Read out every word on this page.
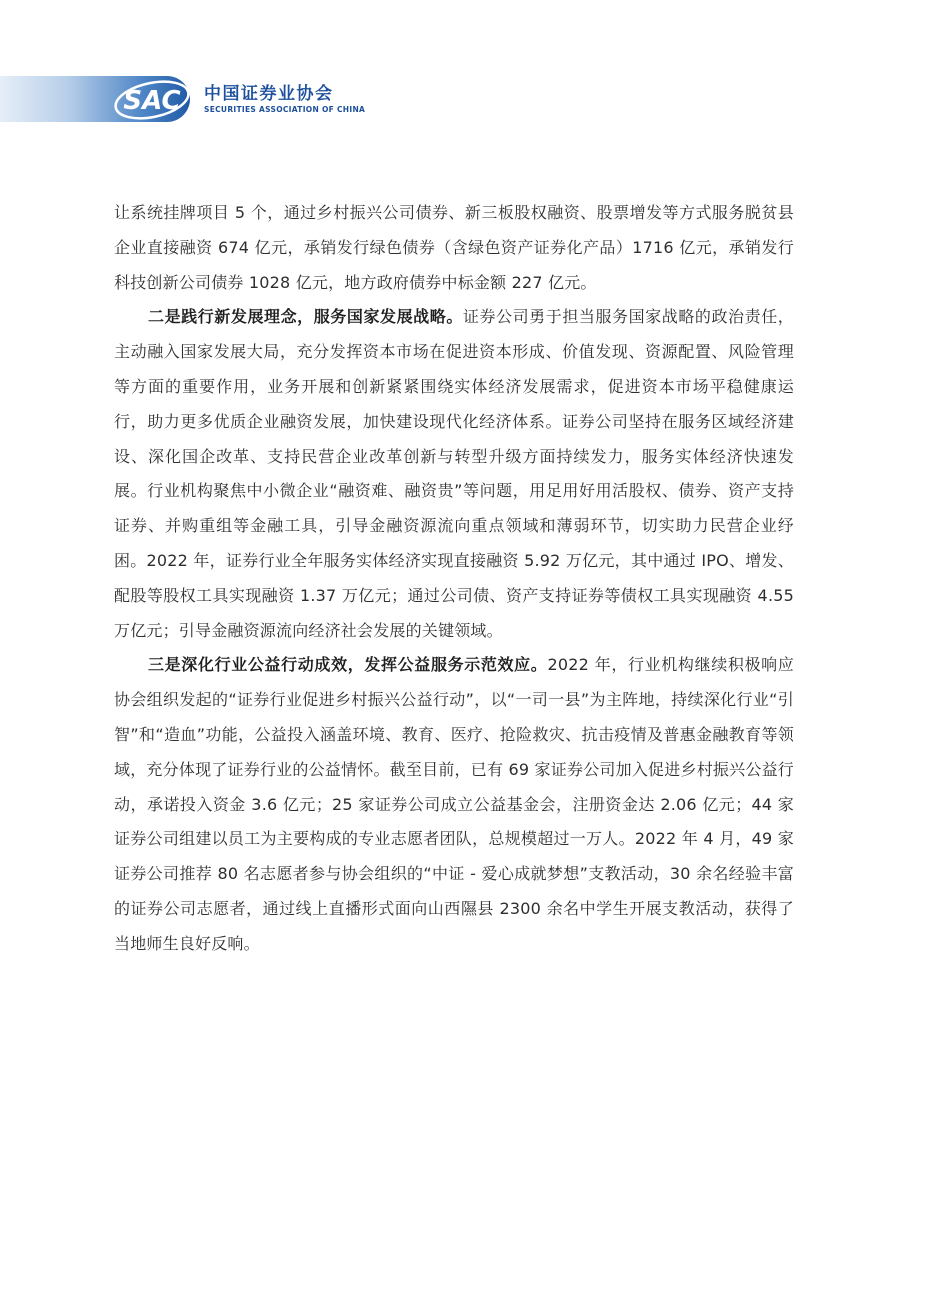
SAC 中国证券业协会
SECURITIES ASSOCIATION OF CHINA

让系统挂牌项目 5 个，通过乡村振兴公司债券、新三板股权融资、股票增发等方式服务脱贫县企业直接融资 674 亿元，承销发行绿色债券（含绿色资产证券化产品）1716 亿元，承销发行科技创新公司债券 1028 亿元，地方政府债券中标金额 227 亿元。

二是践行新发展理念，服务国家发展战略。证券公司勇于担当服务国家战略的政治责任，主动融入国家发展大局，充分发挥资本市场在促进资本形成、价值发现、资源配置、风险管理等方面的重要作用，业务开展和创新紧紧围绕实体经济发展需求，促进资本市场平稳健康运行，助力更多优质企业融资发展，加快建设现代化经济体系。证券公司坚持在服务区域经济建设、深化国企改革、支持民营企业改革创新与转型升级方面持续发力，服务实体经济快速发展。行业机构聚焦中小微企业“融资难、融资贵”等问题，用足用好用活股权、债券、资产支持证券、并购重组等金融工具，引导金融资源流向重点领域和薄弱环节，切实助力民营企业纾困。2022 年，证券行业全年服务实体经济实现直接融资 5.92 万亿元，其中通过 IPO、增发、配股等股权工具实现融资 1.37 万亿元；通过公司债、资产支持证券等债权工具实现融资 4.55 万亿元；引导金融资源流向经济社会发展的关键领域。

三是深化行业公益行动成效，发挥公益服务示范效应。2022 年，行业机构继续积极响应协会组织发起的“证券行业促进乡村振兴公益行动”，以“一司一县”为主阵地，持续深化行业“引智”和“造血”功能，公益投入涵盖环境、教育、医疗、抢险救灾、抗击疫情及普惠金融教育等领域，充分体现了证券行业的公益情怀。截至目前，已有 69 家证券公司加入促进乡村振兴公益行动，承诺投入资金 3.6 亿元；25 家证券公司成立公益基金会，注册资金达 2.06 亿元；44 家证券公司组建以员工为主要构成的专业志愿者团队，总规模超过一万人。2022 年 4 月，49 家证券公司推荐 80 名志愿者参与协会组织的“中证 - 爱心成就梦想”支教活动，30 余名经验丰富的证券公司志愿者，通过线上直播形式面向山西隰县 2300 余名中学生开展支教活动，获得了当地师生良好反响。
